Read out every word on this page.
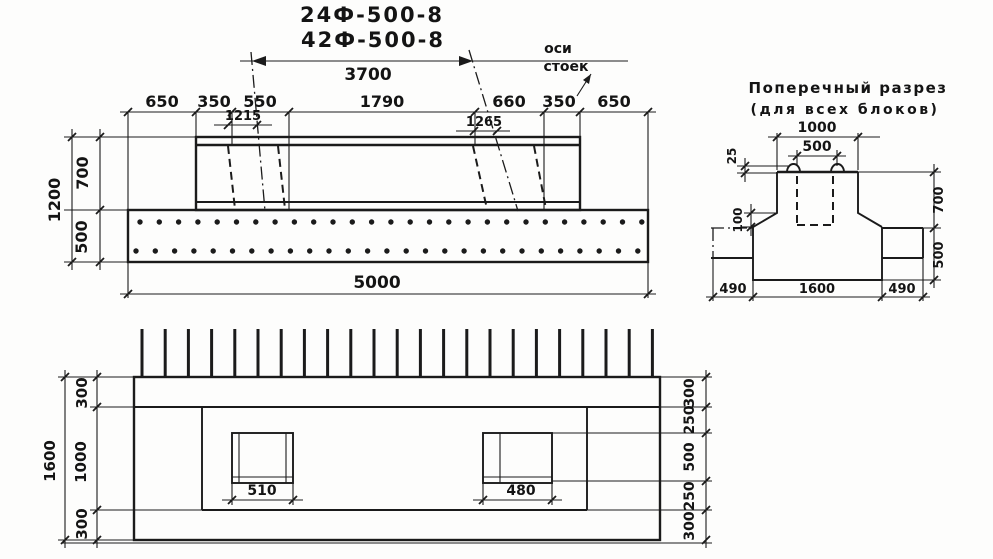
24Ф-500-8
42Ф-500-8
3700
оси
стоек
650 350 550	1790	660 350 650
1215	1265
1200
700
500
5000
Поперечный разрез
(для всех блоков)
1000
500
25
100
700
500
490	1600	490
510	480
1600
300
1000
300
300
250
500
250
300
